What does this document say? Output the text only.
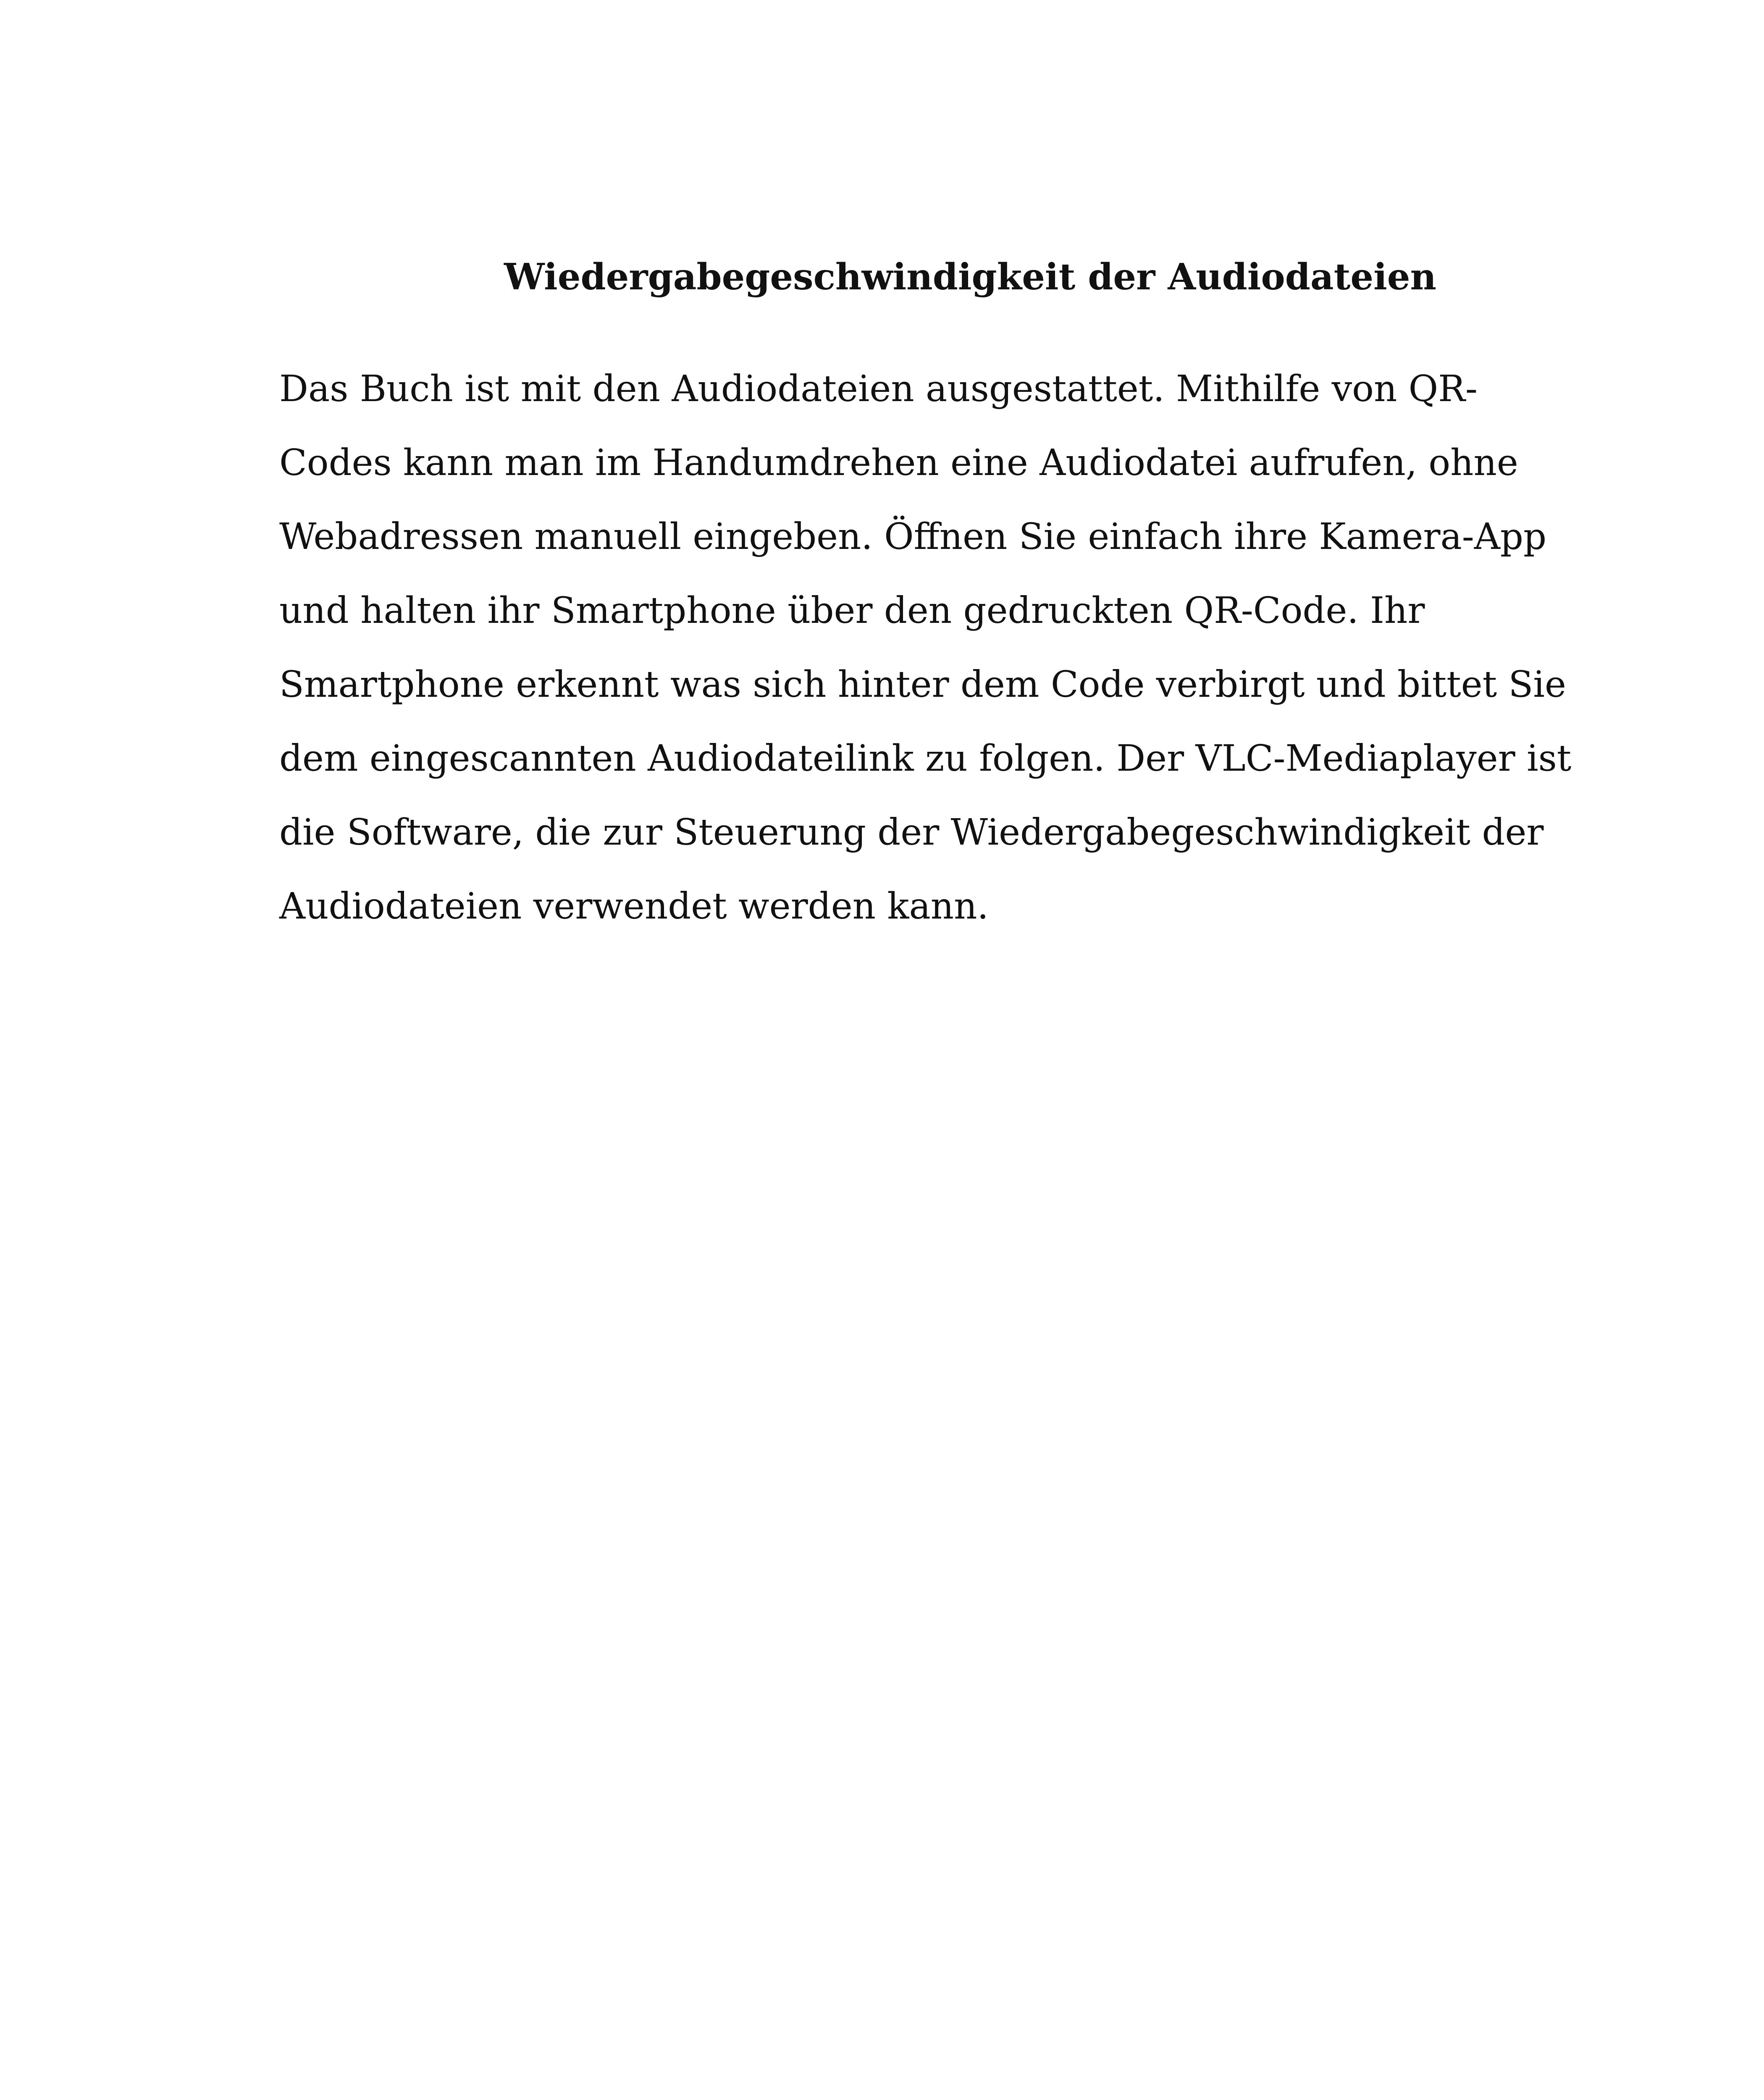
Wiedergabegeschwindigkeit der Audiodateien
Das Buch ist mit den Audiodateien ausgestattet. Mithilfe von QR-
Codes kann man im Handumdrehen eine Audiodatei aufrufen, ohne
Webadressen manuell eingeben. Öffnen Sie einfach ihre Kamera-App
und halten ihr Smartphone über den gedruckten QR-Code. Ihr
Smartphone erkennt was sich hinter dem Code verbirgt und bittet Sie
dem eingescannten Audiodateilink zu folgen. Der VLC-Mediaplayer ist
die Software, die zur Steuerung der Wiedergabegeschwindigkeit der
Audiodateien verwendet werden kann.
